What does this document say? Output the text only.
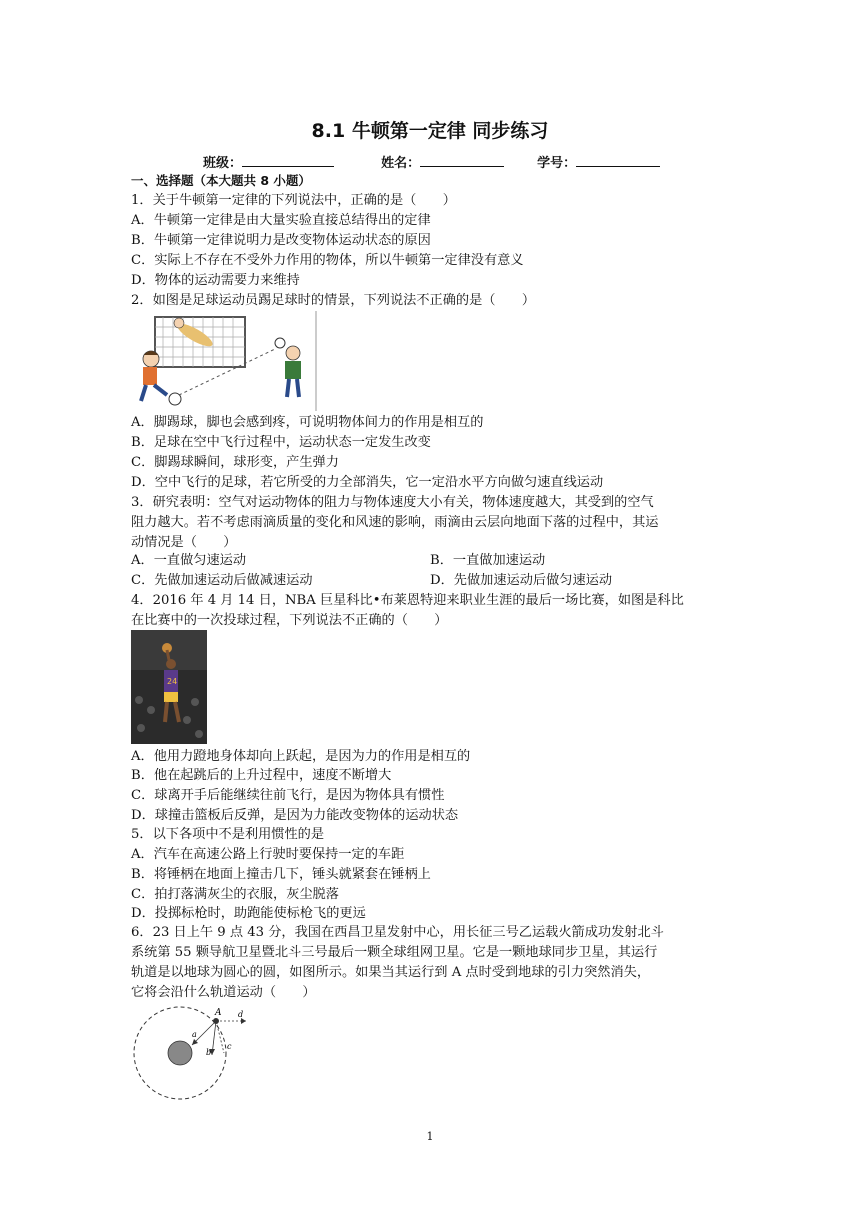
8.1 牛顿第一定律 同步练习
班级：	姓名：	学号：
一、选择题（本大题共 8 小题）
1．关于牛顿第一定律的下列说法中，正确的是（　　）
A．牛顿第一定律是由大量实验直接总结得出的定律
B．牛顿第一定律说明力是改变物体运动状态的原因
C．实际上不存在不受外力作用的物体，所以牛顿第一定律没有意义
D．物体的运动需要力来维持
2．如图是足球运动员踢足球时的情景，下列说法不正确的是（　　）
A．脚踢球，脚也会感到疼，可说明物体间力的作用是相互的
B．足球在空中飞行过程中，运动状态一定发生改变
C．脚踢球瞬间，球形变，产生弹力
D．空中飞行的足球，若它所受的力全部消失，它一定沿水平方向做匀速直线运动
3．研究表明：空气对运动物体的阻力与物体速度大小有关，物体速度越大，其受到的空气
阻力越大。若不考虑雨滴质量的变化和风速的影响，雨滴由云层向地面下落的过程中，其运
动情况是（　　）
A．一直做匀速运动	B．一直做加速运动
C．先做加速运动后做减速运动	D．先做加速运动后做匀速运动
4．2016 年 4 月 14 日，NBA 巨星科比•布莱恩特迎来职业生涯的最后一场比赛，如图是科比
在比赛中的一次投球过程，下列说法不正确的（　　）
24
A．他用力蹬地身体却向上跃起，是因为力的作用是相互的
B．他在起跳后的上升过程中，速度不断增大
C．球离开手后能继续往前飞行，是因为物体具有惯性
D．球撞击篮板后反弹，是因为力能改变物体的运动状态
5．以下各项中不是利用惯性的是
A．汽车在高速公路上行驶时要保持一定的车距
B．将锤柄在地面上撞击几下，锤头就紧套在锤柄上
C．拍打落满灰尘的衣服，灰尘脱落
D．投掷标枪时，助跑能使标枪飞的更远
6．23 日上午 9 点 43 分，我国在西昌卫星发射中心，用长征三号乙运载火箭成功发射北斗
系统第 55 颗导航卫星暨北斗三号最后一颗全球组网卫星。它是一颗地球同步卫星，其运行
轨道是以地球为圆心的圆，如图所示。如果当其运行到 A 点时受到地球的引力突然消失，
它将会沿什么轨道运动（　　）
A
a
b
c
d
1
